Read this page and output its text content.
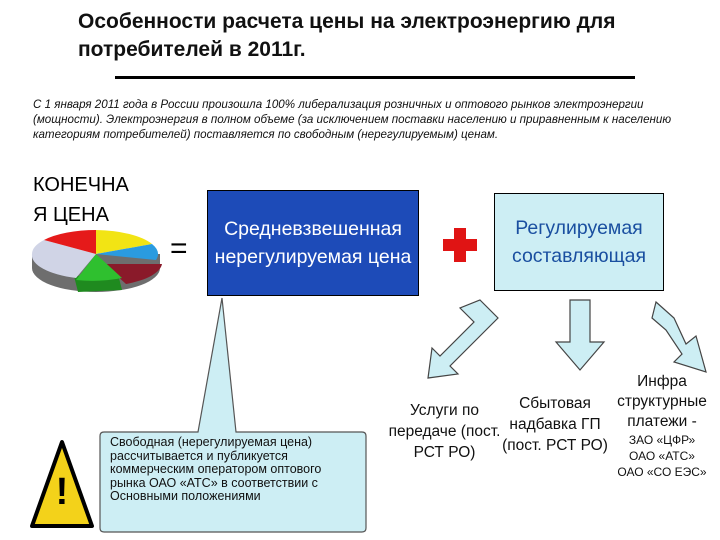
Особенности расчета цены на электроэнергию для потребителей в 2011г.
С 1 января 2011 года в России произошла 100% либерализация розничных и оптового рынков электроэнергии (мощности). Электроэнергия в полном объеме (за исключением поставки населению и приравненным к населению категориям потребителей) поставляется по свободным (нерегулируемым) ценам.
КОНЕЧНА
Я ЦЕНА
=
Средневзвешенная нерегулируемая цена
Регулируемая составляющая
Услуги по передаче (пост. РСТ РО)
Сбытовая надбавка ГП (пост. РСТ РО)
Инфра структурные платежи -
ЗАО «ЦФР»
ОАО «АТС»
ОАО «СО ЕЭС»
!
Свободная (нерегулируемая цена) рассчитывается и публикуется коммерческим оператором оптового рынка ОАО «АТС» в соответствии с Основными положениями
